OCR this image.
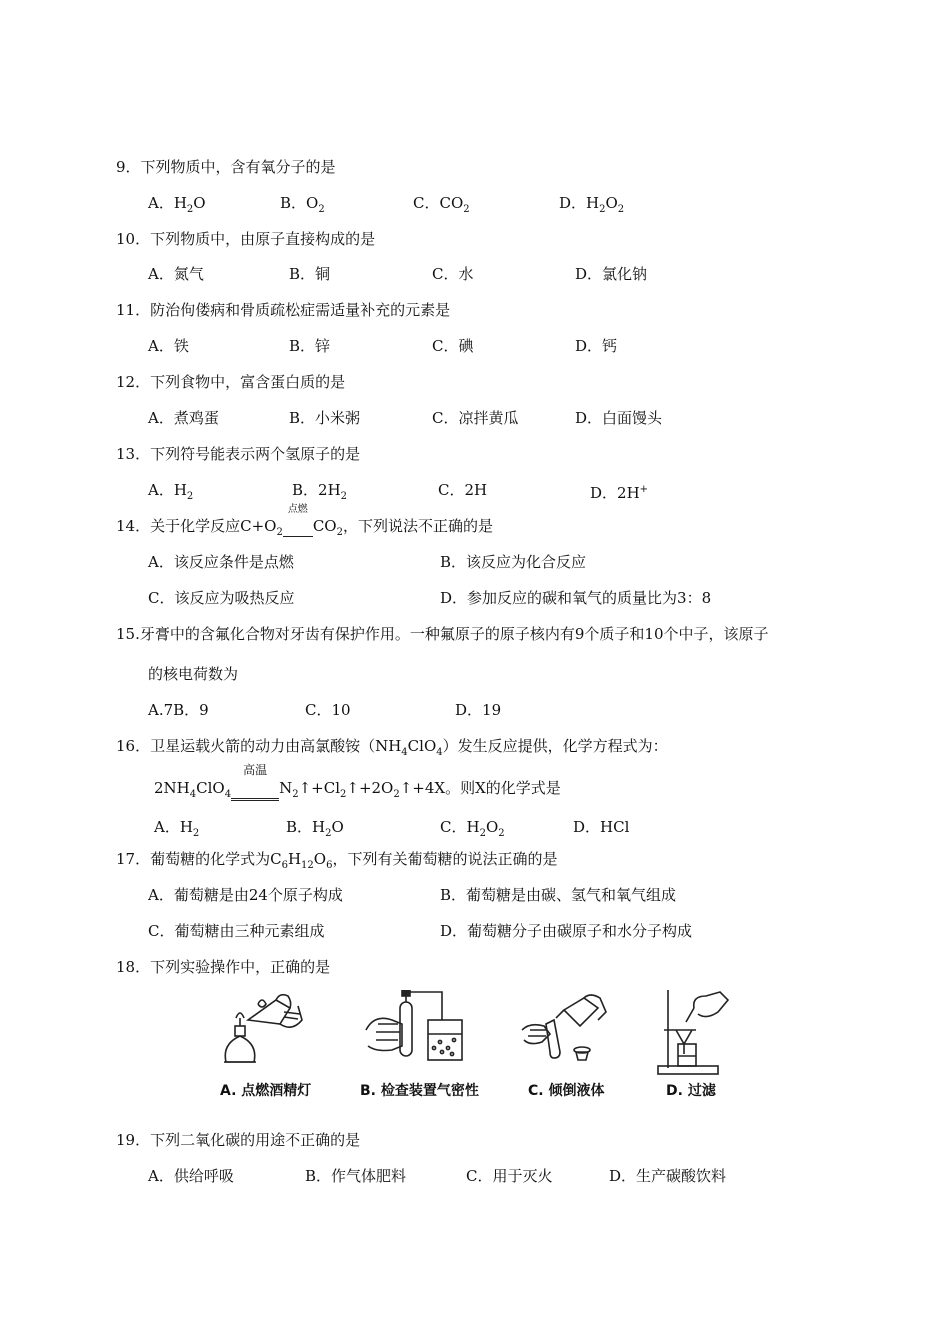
9．下列物质中，含有氧分子的是
A．$H_2O$	B．$O_2$	C．$CO_2$	D．$H_2O_2$
10．下列物质中，由原子直接构成的是
A．氮气	B．铜	C．水	D．氯化钠
11．防治佝偻病和骨质疏松症需适量补充的元素是
A．铁	B．锌	C．碘	D．钙
12．下列食物中，富含蛋白质的是
A．煮鸡蛋	B．小米粥	C．凉拌黄瓜	D．白面馒头
13．下列符号能表示两个氢原子的是
A．$H_2$	B．$2H_2$	C．2H	D．2H+
14．关于化学反应$C+O_2$
点燃
$CO_2$，下列说法不正确的是
A．该反应条件是点燃	B．该反应为化合反应
C．该反应为吸热反应	D．参加反应的碳和氧气的质量比为3：8
15.牙膏中的含氟化合物对牙齿有保护作用。一种氟原子的原子核内有9个质子和10个中子，该原子
的核电荷数为
A.7B．9	C．10	D．19
16．卫星运载火箭的动力由高氯酸铵$(NH_4ClO_4)$发生反应提供，化学方程式为：
$2NH_4ClO_4$
高温
$N_2↑+Cl_2↑+2O_2↑+4X$。则X的化学式是
A．$H_2$	B．$H_2O$	C．$H_2O_2$	D．HCl
17．葡萄糖的化学式为$C_6H_{12}O_6$，下列有关葡萄糖的说法正确的是
A．葡萄糖是由24个原子构成	B．葡萄糖是由碳、氢气和氧气组成
C．葡萄糖由三种元素组成	D．葡萄糖分子由碳原子和水分子构成
18．下列实验操作中，正确的是
A. 点燃酒精灯	B. 检查装置气密性	C. 倾倒液体	D. 过滤
19．下列二氧化碳的用途不正确的是
A．供给呼吸	B．作气体肥料	C．用于灭火	D．生产碳酸饮料
